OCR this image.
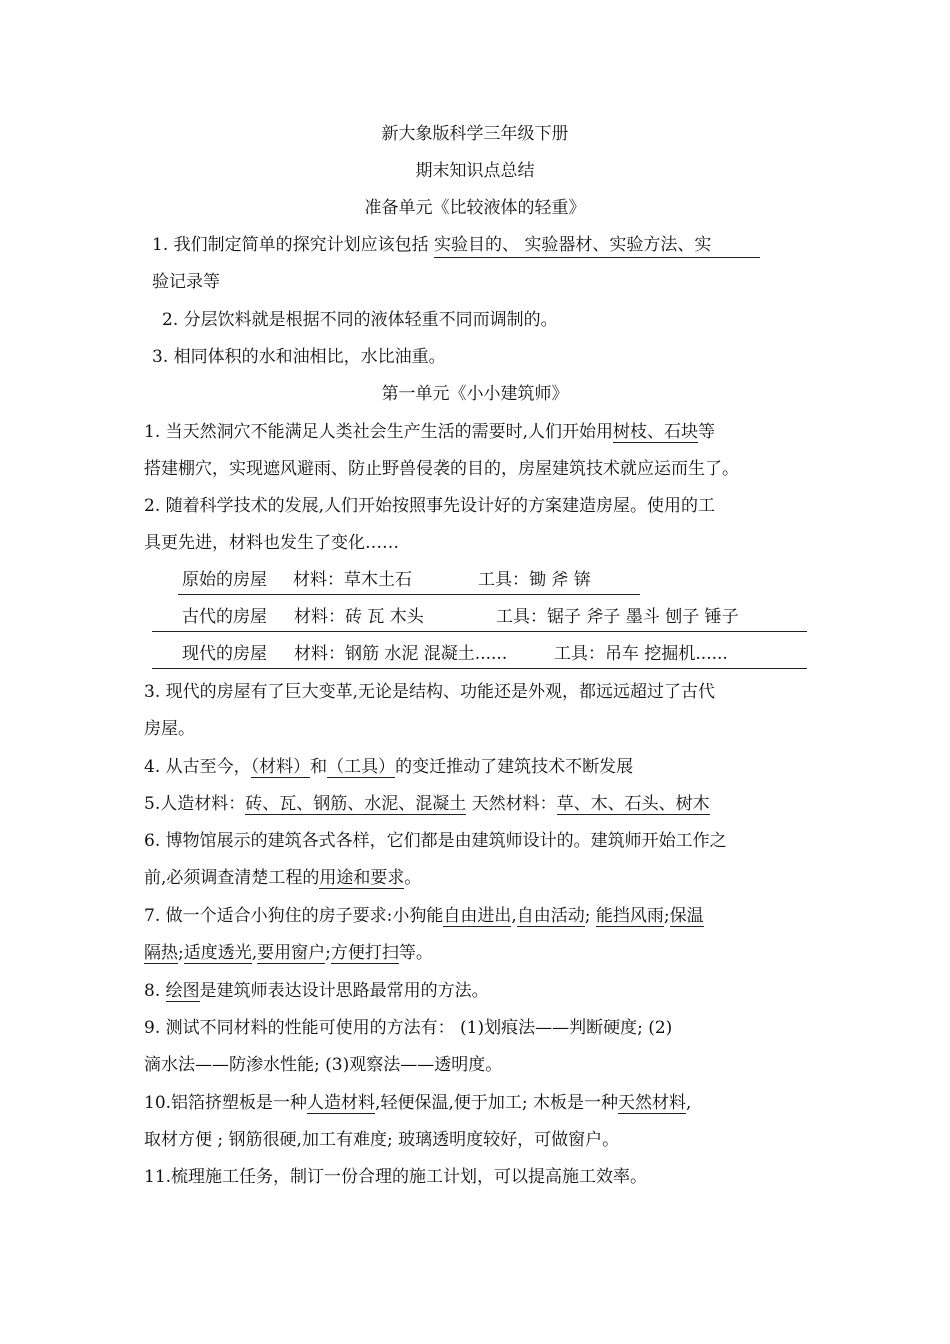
新大象版科学三年级下册
期末知识点总结
准备单元《比较液体的轻重》
1. 我们制定简单的探究计划应该包括 实验目的、 实验器材、实验方法、实
验记录等
2. 分层饮料就是根据不同的液体轻重不同而调制的。
3. 相同体积的水和油相比，水比油重。
第一单元《小小建筑师》
1. 当天然洞穴不能满足人类社会生产生活的需要时,人们开始用树枝、石块等
搭建棚穴，实现遮风避雨、防止野兽侵袭的目的，房屋建筑技术就应运而生了。
2. 随着科学技术的发展,人们开始按照事先设计好的方案建造房屋。使用的工
具更先进，材料也发生了变化……
原始的房屋 材料：草木土石	工具：锄 斧 锛
古代的房屋 材料：砖 瓦 木头	工具：锯子 斧子 墨斗 刨子 锤子
现代的房屋 材料：钢筋 水泥 混凝土......	工具：吊车 挖掘机......
3. 现代的房屋有了巨大变革,无论是结构、功能还是外观，都远远超过了古代
房屋。
4. 从古至今，（材料）和（工具）的变迁推动了建筑技术不断发展
5.人造材料：砖、瓦、钢筋、水泥、混凝土 天然材料：草、木、石头、树木
6. 博物馆展示的建筑各式各样，它们都是由建筑师设计的。建筑师开始工作之
前,必须调查清楚工程的用途和要求。
7. 做一个适合小狗住的房子要求:小狗能自由进出,自由活动; 能挡风雨;保温
隔热;适度透光,要用窗户;方便打扫等。
8. 绘图是建筑师表达设计思路最常用的方法。
9. 测试不同材料的性能可使用的方法有： (1)划痕法——判断硬度; (2)
滴水法——防渗水性能; (3)观察法——透明度。
10.铝箔挤塑板是一种人造材料,轻便保温,便于加工; 木板是一种天然材料,
取材方便 ; 钢筋很硬,加工有难度; 玻璃透明度较好，可做窗户。
11.梳理施工任务，制订一份合理的施工计划，可以提高施工效率。
